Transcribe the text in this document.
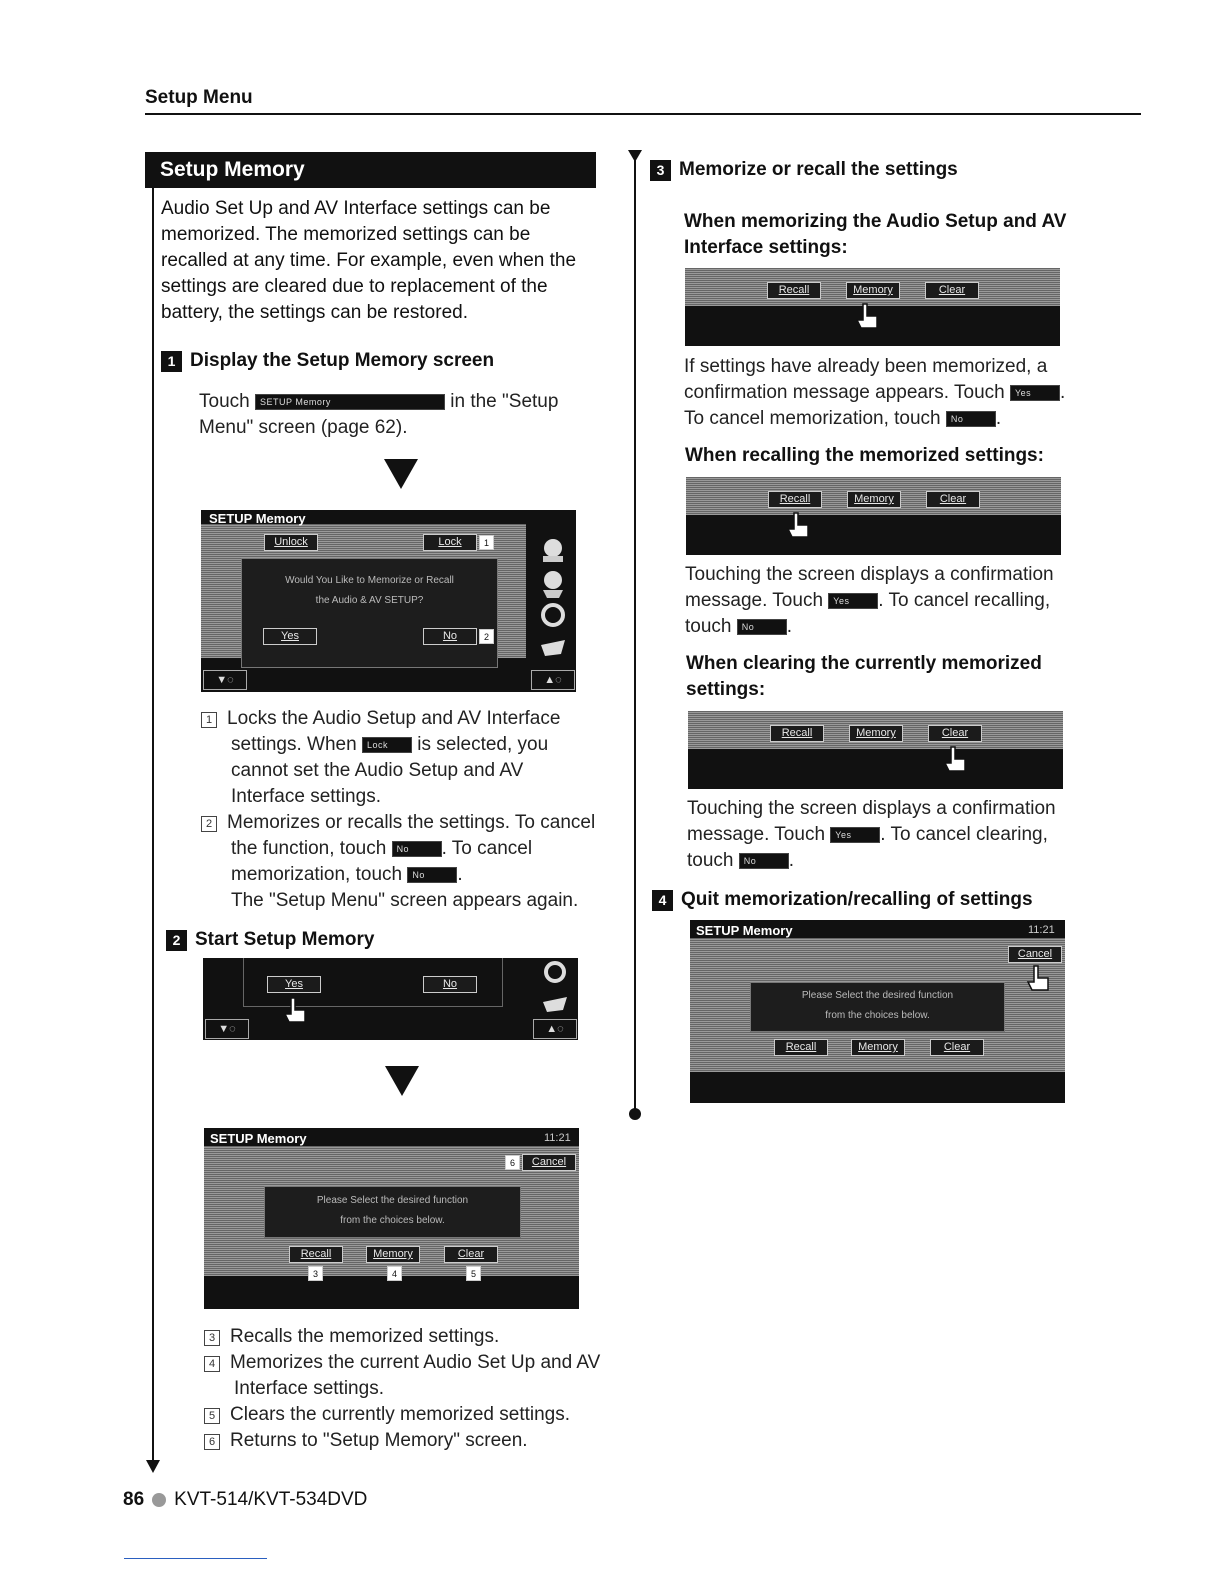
Setup Menu
Setup Memory
Audio Set Up and AV Interface settings can be
memorized. The memorized settings can be
recalled at any time. For example, even when the
settings are cleared due to replacement of the
battery, the settings can be restored.
1 Display the Setup Memory screen
Touch SETUP Memory	in the "Setup
Menu" screen (page 62).
SETUP Memory
Unlock	Lock	1
Would You Like to Memorize or Recall
the Audio & AV SETUP?
Yes	No	2
▼◌	▲◌
1 Locks the Audio Setup and AV Interface
settings. When Lock is selected, you
cannot set the Audio Setup and AV
Interface settings.
2 Memorizes or recalls the settings. To cancel
the function, touch No . To cancel
memorization, touch No .
The "Setup Menu" screen appears again.
2 Start Setup Memory
Yes	No
▼◌	▲◌
SETUP Memory	11:21
6	Cancel
Please Select the desired function
from the choices below.
Recall	Memory	Clear
3	4	5
3 Recalls the memorized settings.
4 Memorizes the current Audio Set Up and AV
Interface settings.
5 Clears the currently memorized settings.
6 Returns to "Setup Memory" screen.
3 Memorize or recall the settings
When memorizing the Audio Setup and AV
Interface settings:
Recall	Memory	Clear
If settings have already been memorized, a
confirmation message appears. Touch Yes .
To cancel memorization, touch No .
When recalling the memorized settings:
Recall	Memory	Clear
Touching the screen displays a confirmation
message. Touch Yes . To cancel recalling,
touch No .
When clearing the currently memorized
settings:
Recall	Memory	Clear
Touching the screen displays a confirmation
message. Touch Yes . To cancel clearing,
touch No .
4 Quit memorization/recalling of settings
SETUP Memory	11:21
Cancel
Please Select the desired function
from the choices below.
Recall	Memory	Clear
86 KVT-514/KVT-534DVD
